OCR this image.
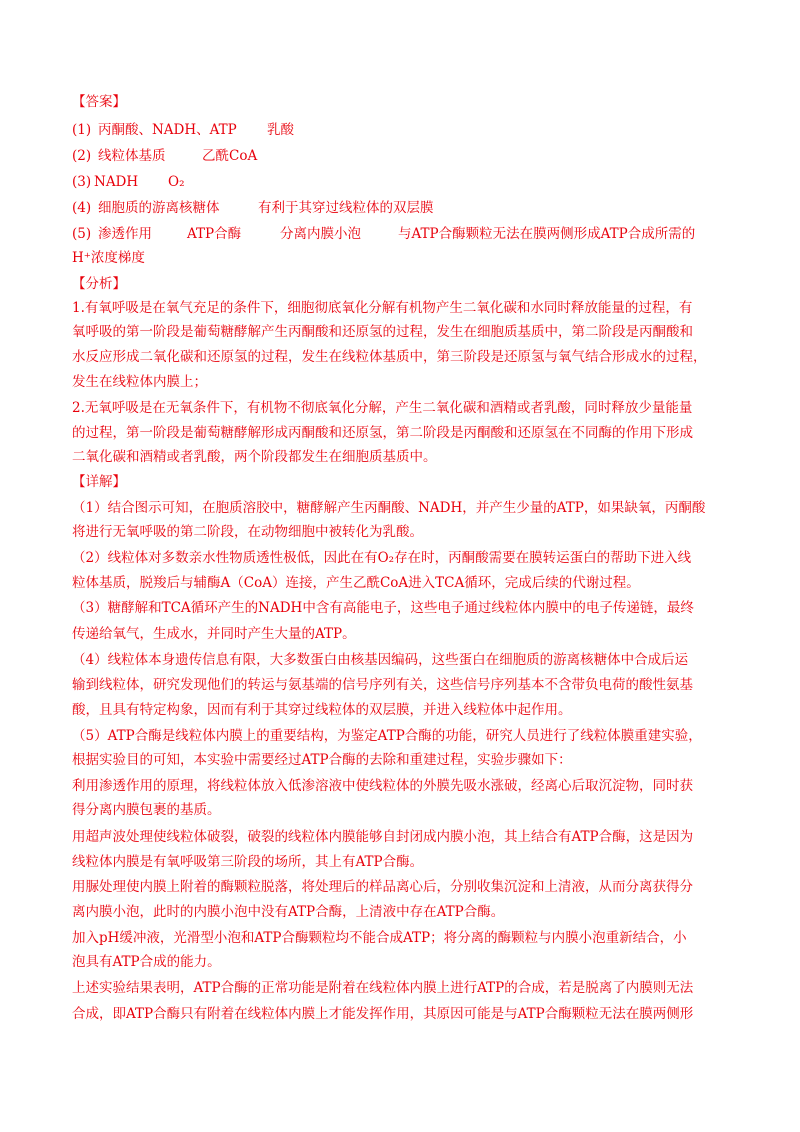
【答案】
(1) 丙酮酸、NADH、ATP 乳酸
(2) 线粒体基质	乙酰CoA
(3) NADH O₂
(4) 细胞质的游离核糖体	有利于其穿过线粒体的双层膜
(5) 渗透作用	ATP合酶	分离内膜小泡	与ATP合酶颗粒无法在膜两侧形成ATP合成所需的
H⁺浓度梯度
【分析】
1.有氧呼吸是在氧气充足的条件下，细胞彻底氧化分解有机物产生二氧化碳和水同时释放能量的过程，有
氧呼吸的第一阶段是葡萄糖酵解产生丙酮酸和还原氢的过程，发生在细胞质基质中，第二阶段是丙酮酸和
水反应形成二氧化碳和还原氢的过程，发生在线粒体基质中，第三阶段是还原氢与氧气结合形成水的过程，
发生在线粒体内膜上；
2.无氧呼吸是在无氧条件下，有机物不彻底氧化分解，产生二氧化碳和酒精或者乳酸，同时释放少量能量
的过程，第一阶段是葡萄糖酵解形成丙酮酸和还原氢，第二阶段是丙酮酸和还原氢在不同酶的作用下形成
二氧化碳和酒精或者乳酸，两个阶段都发生在细胞质基质中。
【详解】
（1）结合图示可知，在胞质溶胶中，糖酵解产生丙酮酸、NADH，并产生少量的ATP，如果缺氧，丙酮酸
将进行无氧呼吸的第二阶段，在动物细胞中被转化为乳酸。
（2）线粒体对多数亲水性物质透性极低，因此在有O₂存在时，丙酮酸需要在膜转运蛋白的帮助下进入线
粒体基质，脱羧后与辅酶A（CoA）连接，产生乙酰CoA进入TCA循环，完成后续的代谢过程。
（3）糖酵解和TCA循环产生的NADH中含有高能电子，这些电子通过线粒体内膜中的电子传递链，最终
传递给氧气，生成水，并同时产生大量的ATP。
（4）线粒体本身遗传信息有限，大多数蛋白由核基因编码，这些蛋白在细胞质的游离核糖体中合成后运
输到线粒体，研究发现他们的转运与氨基端的信号序列有关，这些信号序列基本不含带负电荷的酸性氨基
酸，且具有特定构象，因而有利于其穿过线粒体的双层膜，并进入线粒体中起作用。
（5）ATP合酶是线粒体内膜上的重要结构，为鉴定ATP合酶的功能，研究人员进行了线粒体膜重建实验，
根据实验目的可知，本实验中需要经过ATP合酶的去除和重建过程，实验步骤如下：
利用渗透作用的原理，将线粒体放入低渗溶液中使线粒体的外膜先吸水涨破，经离心后取沉淀物，同时获
得分离内膜包裹的基质。
用超声波处理使线粒体破裂，破裂的线粒体内膜能够自封闭成内膜小泡，其上结合有ATP合酶，这是因为
线粒体内膜是有氧呼吸第三阶段的场所，其上有ATP合酶。
用脲处理使内膜上附着的酶颗粒脱落，将处理后的样品离心后，分别收集沉淀和上清液，从而分离获得分
离内膜小泡，此时的内膜小泡中没有ATP合酶，上清液中存在ATP合酶。
加入pH缓冲液，光滑型小泡和ATP合酶颗粒均不能合成ATP；将分离的酶颗粒与内膜小泡重新结合，小
泡具有ATP合成的能力。
上述实验结果表明，ATP合酶的正常功能是附着在线粒体内膜上进行ATP的合成，若是脱离了内膜则无法
合成，即ATP合酶只有附着在线粒体内膜上才能发挥作用，其原因可能是与ATP合酶颗粒无法在膜两侧形
